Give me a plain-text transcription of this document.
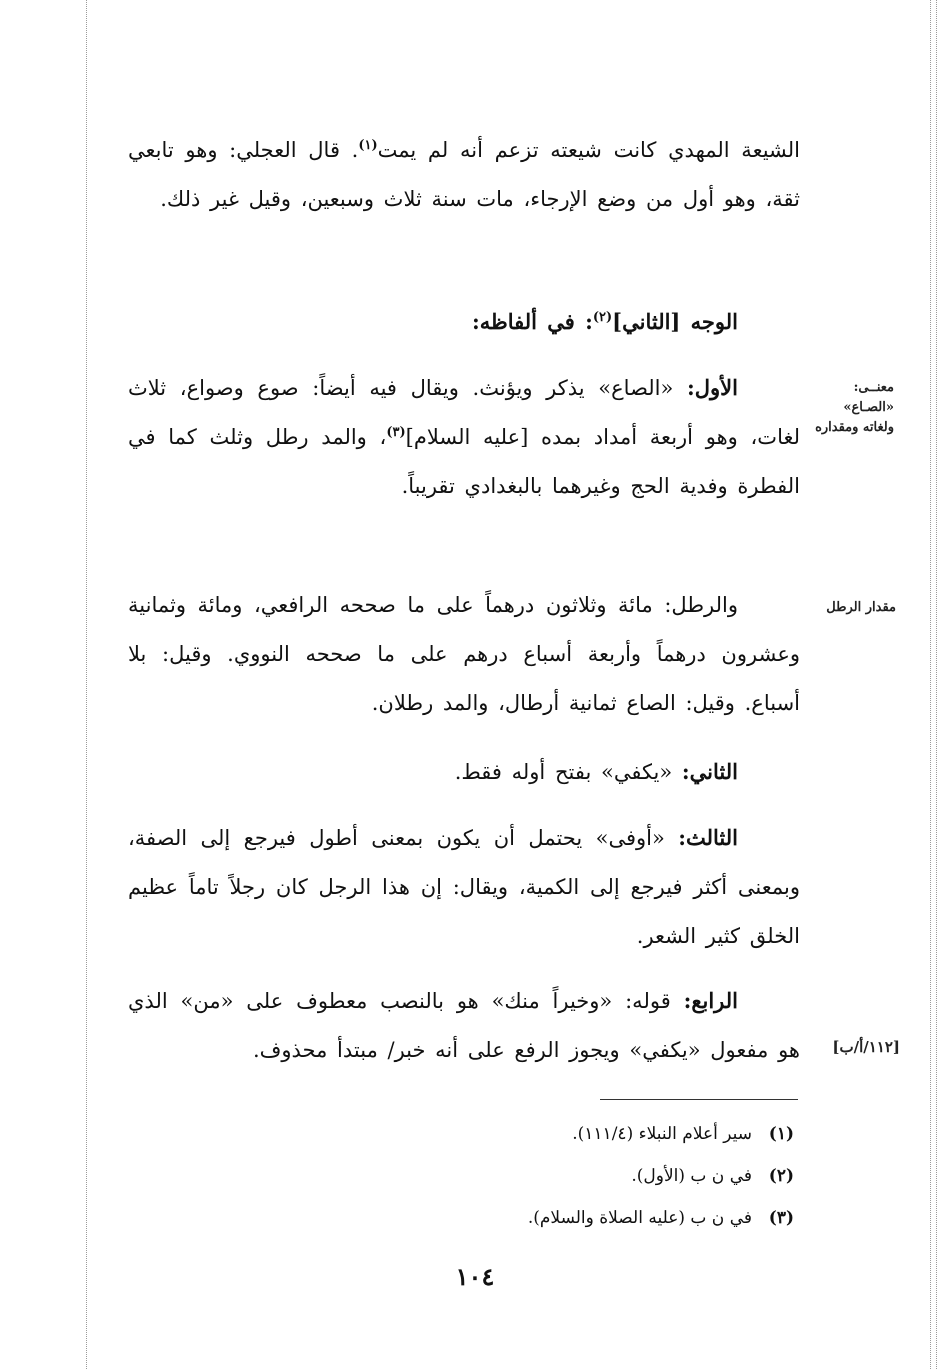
الشيعة المهدي كانت شيعته تزعم أنه لم يمت$^{(١)}$. قال العجلي: وهو تابعي ثقة، وهو أول من وضع الإرجاء، مات سنة ثلاث وسبعين، وقيل غير ذلك.

الوجه [الثاني]$^{(٢)}$: في ألفاظه:

الأول: «الصاع» يذكر ويؤنث. ويقال فيه أيضاً: صوع وصواع، ثلاث لغات، وهو أربعة أمداد بمده [عليه السلام]$^{(٣)}$، والمد رطل وثلث كما في الفطرة وفدية الحج وغيرهما بالبغدادي تقريباً.

والرطل: مائة وثلاثون درهماً على ما صححه الرافعي، ومائة وثمانية وعشرون درهماً وأربعة أسباع درهم على ما صححه النووي. وقيل: بلا أسباع. وقيل: الصاع ثمانية أرطال، والمد رطلان.

الثاني: «يكفي» بفتح أوله فقط.

الثالث: «أوفى» يحتمل أن يكون بمعنى أطول فيرجع إلى الصفة، وبمعنى أكثر فيرجع إلى الكمية، ويقال: إن هذا الرجل كان رجلاً تاماً عظيم الخلق كثير الشعر.

الرابع: قوله: «وخيراً منك» هو بالنصب معطوف على «من» الذي هو مفعول «يكفي» ويجوز الرفع على أنه خبر/ مبتدأ محذوف.

معنــى: «الصـاع» ولغاته ومقداره
مقدار الرطل
[١١٢/أ/ب]
(١)سير أعلام النبلاء (١١١/٤).
(٢)في ن ب (الأول).
(٣)في ن ب (عليه الصلاة والسلام).
١٠٤
